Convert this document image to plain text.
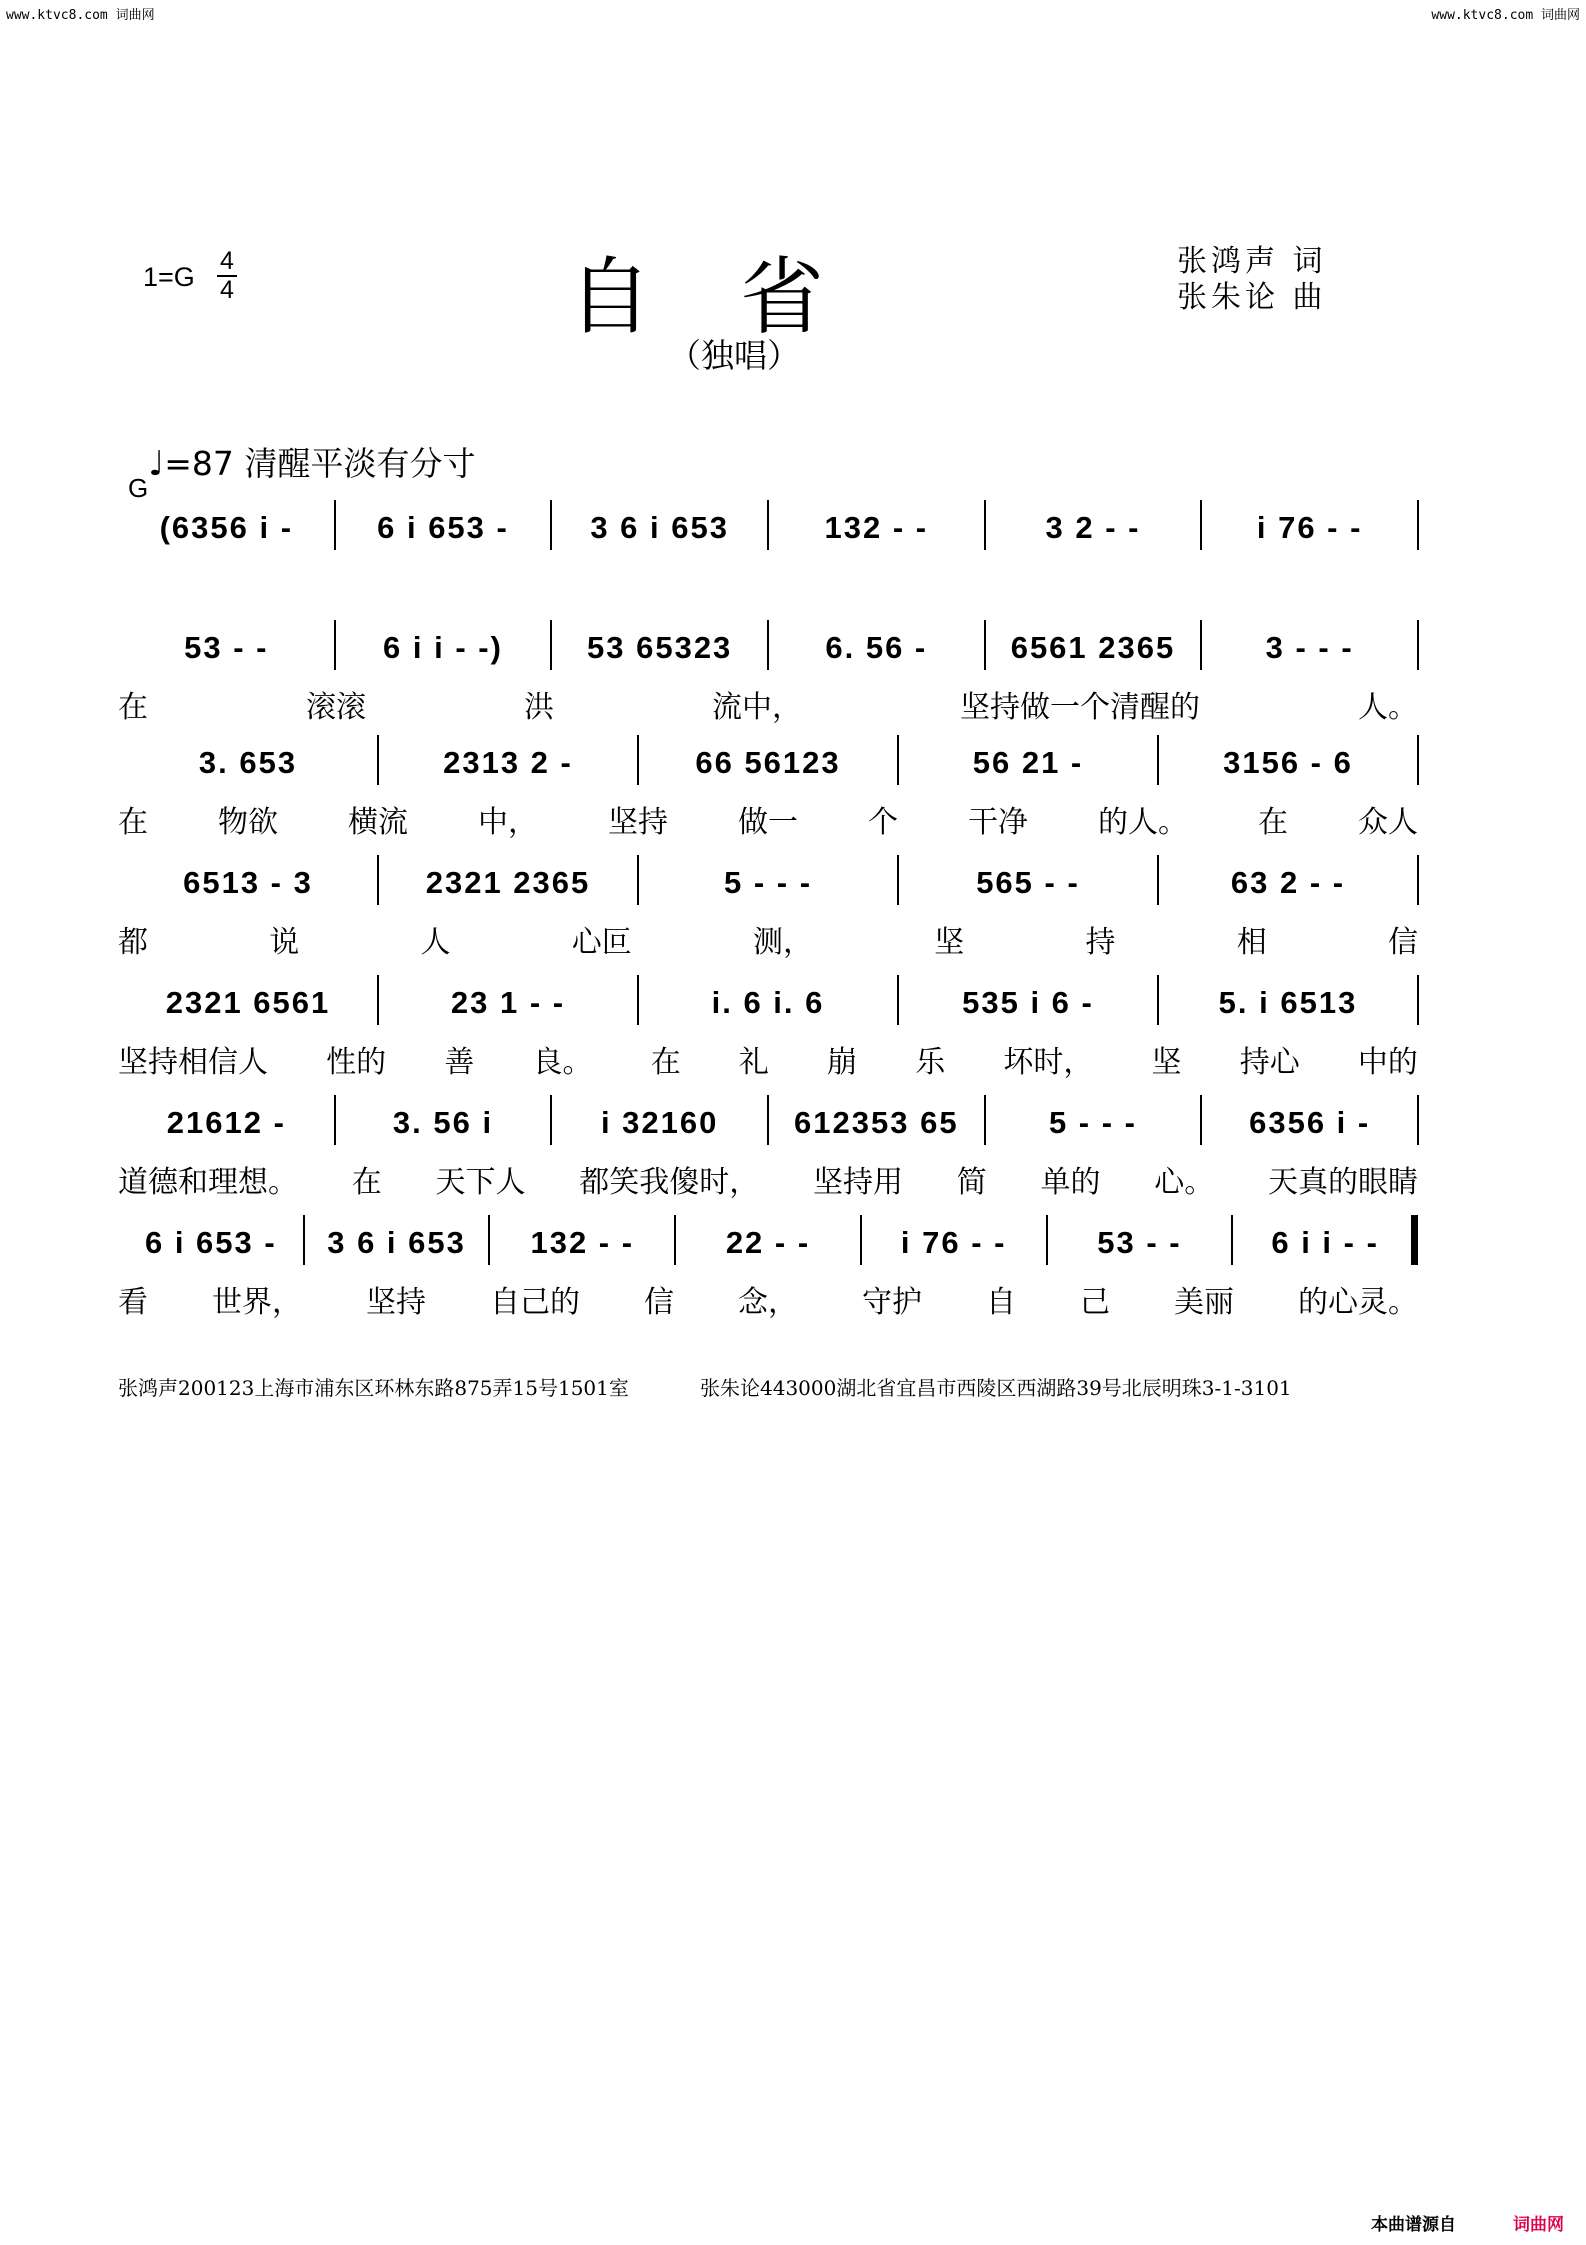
www.ktvc8.com 词曲网	www.ktvc8.com 词曲网
1=G
4
4	自省
（独唱）
张鸿声 词
张朱论 曲
$_G$♩=87 清醒平淡有分寸
(6356 i -	6 i 653 -	3 6 i 653	132 - -	3 2 - -	i 76 - -
53 - -	6 i i - -)	53 65323	6. 56 -	6561 2365	3 - - -
在	滚滚	洪	流中，	坚持做一个清醒的	人。
3. 653	2313 2 -	66 56123	56 21 -	3156 - 6
在 物欲 横流 中， 坚持 做一 个 干净 的人。 在 众人
6513 - 3	2321 2365	5 - - -	565 - -	63 2 - -
都	说	人	心叵	测，	坚	持	相	信
2321 6561	23 1 - -	i. 6 i. 6	535 i 6 -	5. i 6513
坚持相信人 性的 善 良。 在 礼 崩 乐 坏时， 坚 持心 中的
21612 -	3. 56 i	i 32160	612353 65	5 - - -	6356 i -
道德和理想。 在 天下人 都笑我傻时， 坚持用 简 单的 心。 天真的眼睛
6 i 653 -	3 6 i 653	132 - -	22 - -	i 76 - -	53 - -	6 i i - -
看 世界， 坚持 自己的 信 念， 守护 自 己 美丽 的心灵。
张鸿声200123上海市浦东区环林东路875弄15号1501室	张朱论443000湖北省宜昌市西陵区西湖路39号北辰明珠3-1-3101
本曲谱源自	词曲网
